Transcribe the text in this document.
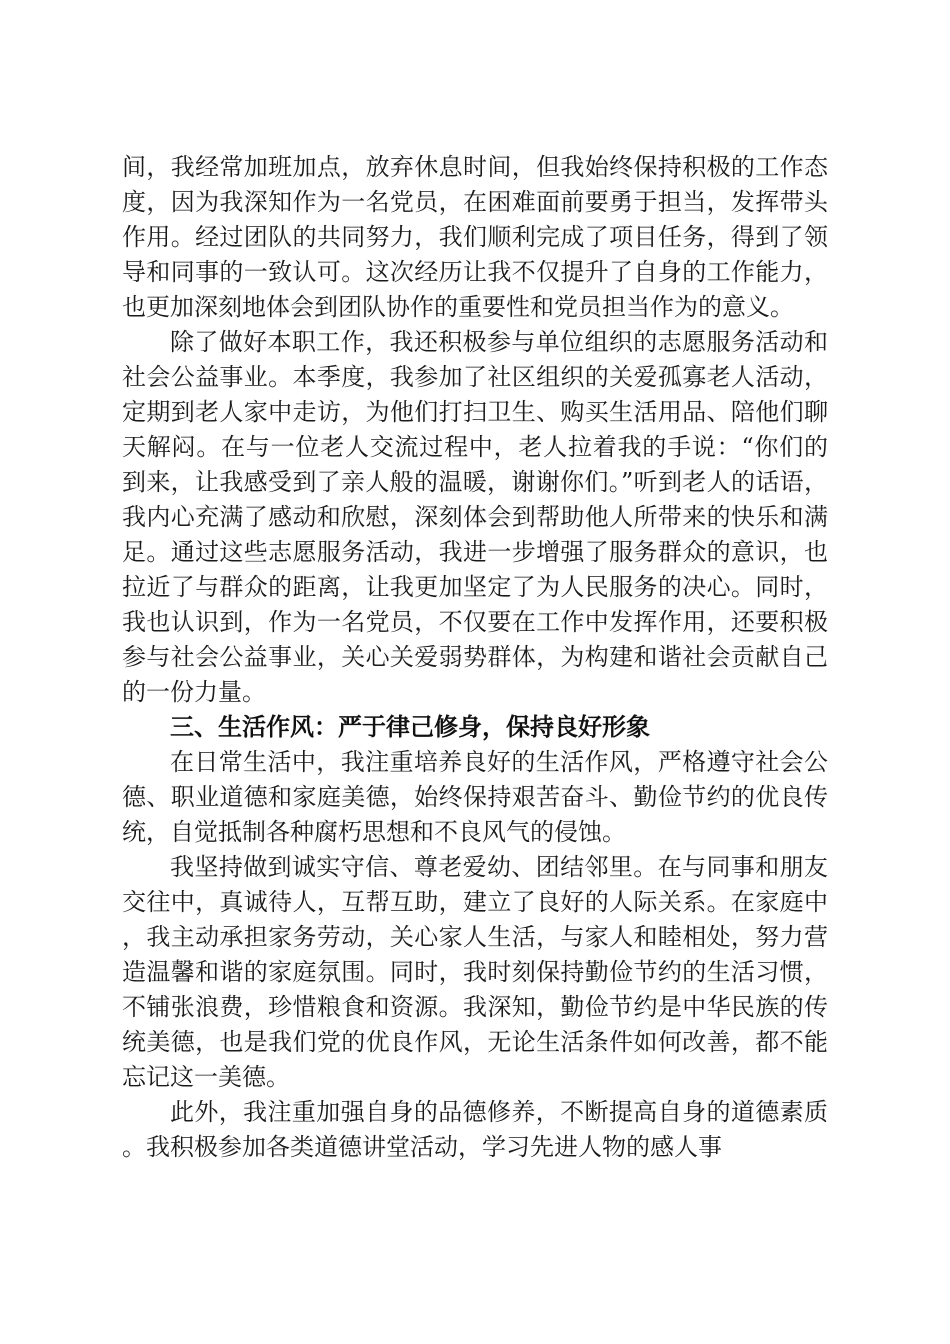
间，我经常加班加点，放弃休息时间，但我始终保持积极的工作态度，因为我深知作为一名党员，在困难面前要勇于担当，发挥带头作用。经过团队的共同努力，我们顺利完成了项目任务，得到了领导和同事的一致认可。这次经历让我不仅提升了自身的工作能力，也更加深刻地体会到团队协作的重要性和党员担当作为的意义。

除了做好本职工作，我还积极参与单位组织的志愿服务活动和社会公益事业。本季度，我参加了社区组织的关爱孤寡老人活动，定期到老人家中走访，为他们打扫卫生、购买生活用品、陪他们聊天解闷。在与一位老人交流过程中，老人拉着我的手说：“你们的到来，让我感受到了亲人般的温暖，谢谢你们。”听到老人的话语，我内心充满了感动和欣慰，深刻体会到帮助他人所带来的快乐和满足。通过这些志愿服务活动，我进一步增强了服务群众的意识，也拉近了与群众的距离，让我更加坚定了为人民服务的决心。同时，我也认识到，作为一名党员，不仅要在工作中发挥作用，还要积极参与社会公益事业，关心关爱弱势群体，为构建和谐社会贡献自己的一份力量。

三、生活作风：严于律己修身，保持良好形象

在日常生活中，我注重培养良好的生活作风，严格遵守社会公德、职业道德和家庭美德，始终保持艰苦奋斗、勤俭节约的优良传统，自觉抵制各种腐朽思想和不良风气的侵蚀。

我坚持做到诚实守信、尊老爱幼、团结邻里。在与同事和朋友交往中，真诚待人，互帮互助，建立了良好的人际关系。在家庭中，我主动承担家务劳动，关心家人生活，与家人和睦相处，努力营造温馨和谐的家庭氛围。同时，我时刻保持勤俭节约的生活习惯，不铺张浪费，珍惜粮食和资源。我深知，勤俭节约是中华民族的传统美德，也是我们党的优良作风，无论生活条件如何改善，都不能忘记这一美德。

此外，我注重加强自身的品德修养，不断提高自身的道德素质。我积极参加各类道德讲堂活动，学习先进人物的感人事
